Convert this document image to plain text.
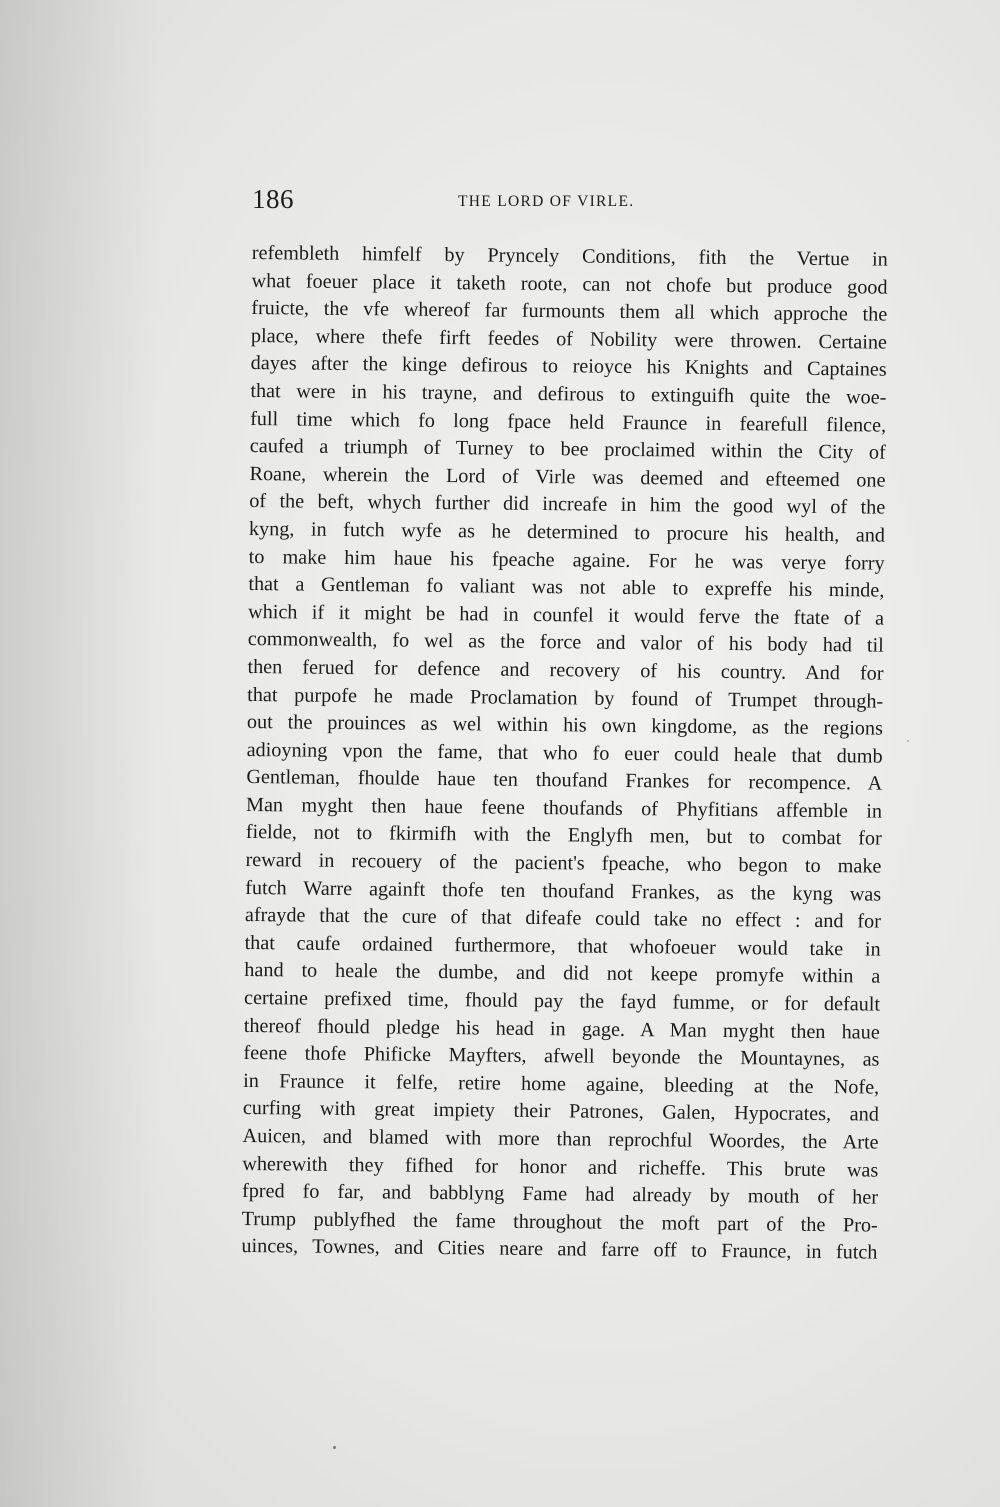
186	THE LORD OF VIRLE.
refembleth himfelf by Pryncely Conditions, fith the Vertue in
what foeuer place it taketh roote, can not chofe but produce good
fruicte, the vfe whereof far furmounts them all which approche the
place, where thefe firft feedes of Nobility were throwen. Certaine
dayes after the kinge defirous to reioyce his Knights and Captaines
that were in his trayne, and defirous to extinguifh quite the woe-
full time which fo long fpace held Fraunce in fearefull filence,
caufed a triumph of Turney to bee proclaimed within the City of
Roane, wherein the Lord of Virle was deemed and efteemed one
of the beft, whych further did increafe in him the good wyl of the
kyng, in futch wyfe as he determined to procure his health, and
to make him haue his fpeache againe. For he was verye forry
that a Gentleman fo valiant was not able to expreffe his minde,
which if it might be had in counfel it would ferve the ftate of a
commonwealth, fo wel as the force and valor of his body had til
then ferued for defence and recovery of his country. And for
that purpofe he made Proclamation by found of Trumpet through-
out the prouinces as wel within his own kingdome, as the regions
adioyning vpon the fame, that who fo euer could heale that dumb
Gentleman, fhoulde haue ten thoufand Frankes for recompence. A
Man myght then haue feene thoufands of Phyfitians affemble in
fielde, not to fkirmifh with the Englyfh men, but to combat for
reward in recouery of the pacient's fpeache, who begon to make
futch Warre againft thofe ten thoufand Frankes, as the kyng was
afrayde that the cure of that difeafe could take no effect : and for
that caufe ordained furthermore, that whofoeuer would take in
hand to heale the dumbe, and did not keepe promyfe within a
certaine prefixed time, fhould pay the fayd fumme, or for default
thereof fhould pledge his head in gage. A Man myght then haue
feene thofe Phificke Mayfters, afwell beyonde the Mountaynes, as
in Fraunce it felfe, retire home againe, bleeding at the Nofe,
curfing with great impiety their Patrones, Galen, Hypocrates, and
Auicen, and blamed with more than reprochful Woordes, the Arte
wherewith they fifhed for honor and richeffe. This brute was
fpred fo far, and babblyng Fame had already by mouth of her
Trump publyfhed the fame throughout the moft part of the Pro-
uinces, Townes, and Cities neare and farre off to Fraunce, in futch
